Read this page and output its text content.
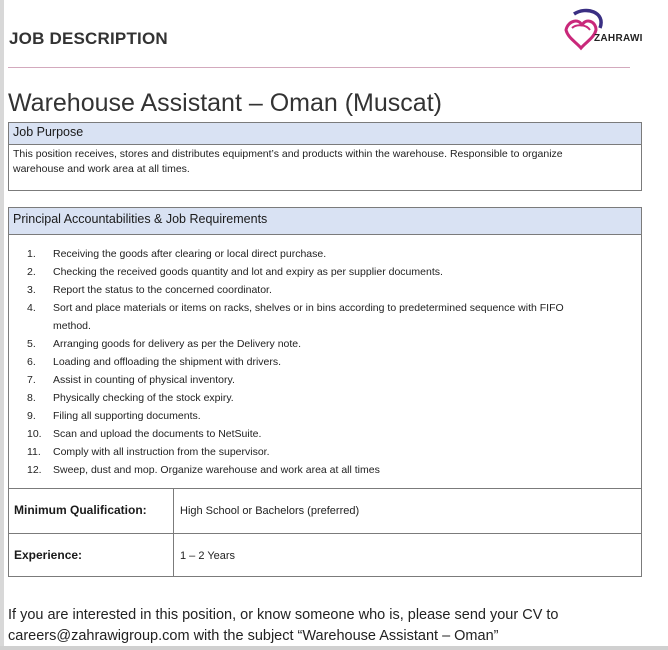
JOB DESCRIPTION	ZAHRAWI
Warehouse Assistant – Oman (Muscat)
Job Purpose
This position receives, stores and distributes equipment’s and products within the warehouse. Responsible to organize
warehouse and work area at all times.
Principal Accountabilities & Job Requirements
1.	Receiving the goods after clearing or local direct purchase.
2.	Checking the received goods quantity and lot and expiry as per supplier documents.
3.	Report the status to the concerned coordinator.
4.	Sort and place materials or items on racks, shelves or in bins according to predetermined sequence with FIFO
method.
5.	Arranging goods for delivery as per the Delivery note.
6.	Loading and offloading the shipment with drivers.
7.	Assist in counting of physical inventory.
8.	Physically checking of the stock expiry.
9.	Filing all supporting documents.
10.	Scan and upload the documents to NetSuite.
11.	Comply with all instruction from the supervisor.
12.	Sweep, dust and mop. Organize warehouse and work area at all times
Minimum Qualification:	High School or Bachelors (preferred)
Experience:	1 – 2 Years
If you are interested in this position, or know someone who is, please send your CV to
careers@zahrawigroup.com with the subject “Warehouse Assistant – Oman”
